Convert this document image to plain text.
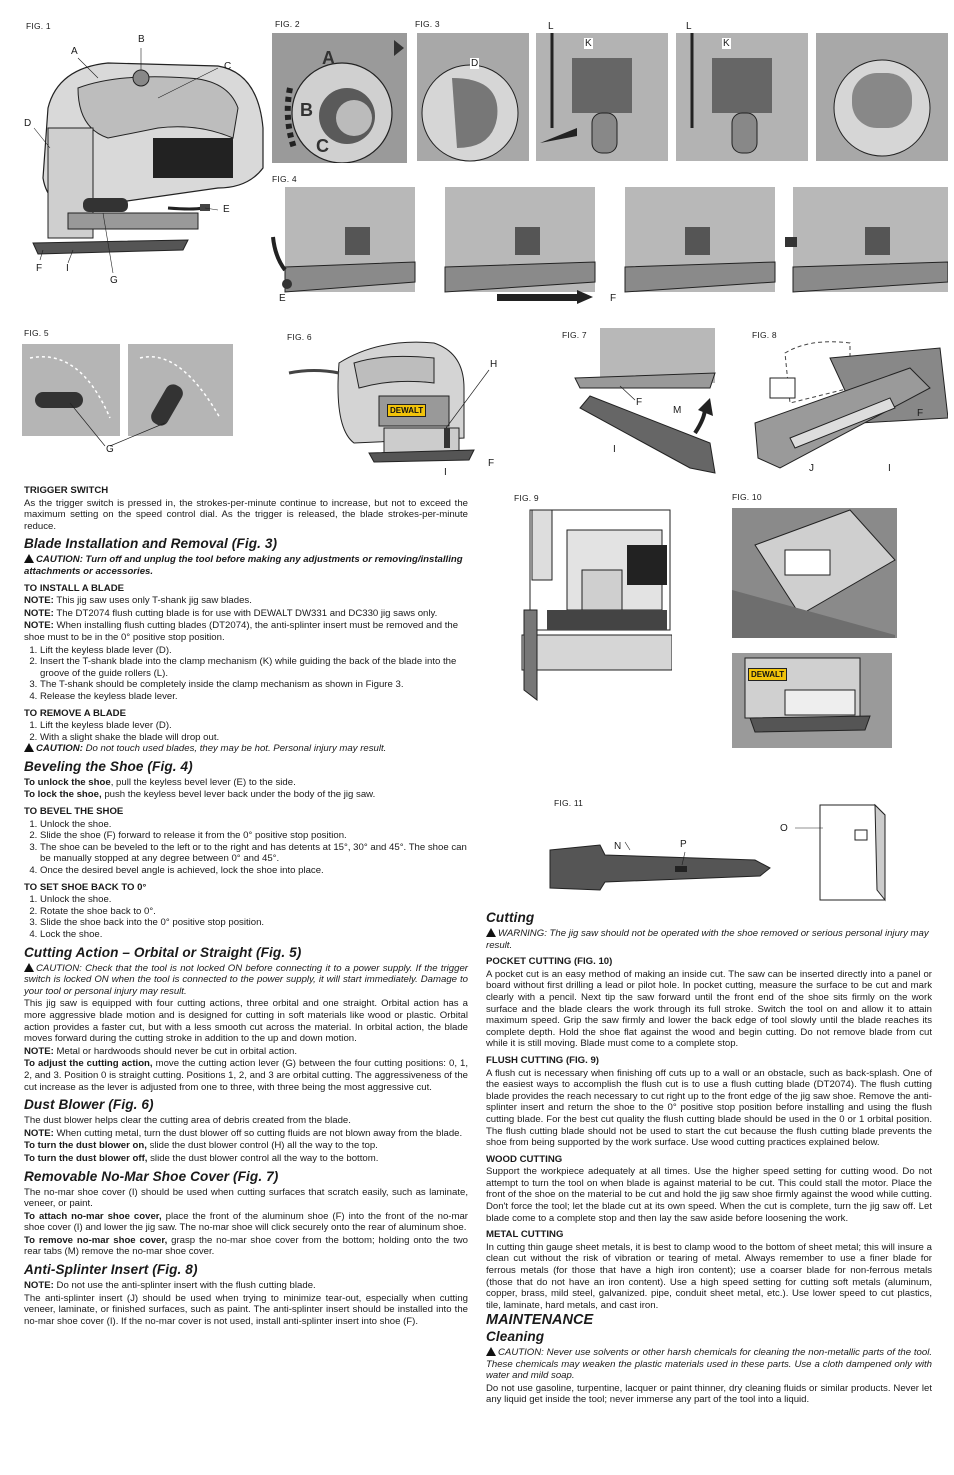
FIG. 1
A
B
C
D
E
F I
G
FIG. 2
A
B
C
FIG. 3
D
L
K
L
K
FIG. 4
E	F
FIG. 5
G
FIG. 6
DEWALT
H
F
I
FIG. 7
F
M
I
FIG. 8
F
J	I
FIG. 9	FIG. 10
DEWALT
FIG. 11
N	P
O
TRIGGER SWITCH

As the trigger switch is pressed in, the strokes-per-minute continue to increase, but not to exceed the maximum setting on the speed control dial. As the trigger is released, the blade strokes-per-minute reduce.

Blade Installation and Removal (Fig. 3)

CAUTION: Turn off and unplug the tool before making any adjustments or removing/installing attachments or accessories.

TO INSTALL A BLADE

NOTE: This jig saw uses only T-shank jig saw blades.

NOTE: The DT2074 flush cutting blade is for use with DEWALT DW331 and DC330 jig saws only.

NOTE: When installing flush cutting blades (DT2074), the anti-splinter insert must be removed and the shoe must to be in the 0° positive stop position.

1. Lift the keyless blade lever (D).
2. Insert the T-shank blade into the clamp mechanism (K) while guiding the back of the blade into the groove of the guide rollers (L).
3. The T-shank should be completely inside the clamp mechanism as shown in Figure 3.
4. Release the keyless blade lever.
TO REMOVE A BLADE
1. Lift the keyless blade lever (D).
2. With a slight shake the blade will drop out.

CAUTION: Do not touch used blades, they may be hot. Personal injury may result.

Beveling the Shoe (Fig. 4)

To unlock the shoe, pull the keyless bevel lever (E) to the side.

To lock the shoe, push the keyless bevel lever back under the body of the jig saw.

TO BEVEL THE SHOE
1. Unlock the shoe.
2. Slide the shoe (F) forward to release it from the 0° positive stop position.
3. The shoe can be beveled to the left or to the right and has detents at 15°, 30° and 45°. The shoe can be manually stopped at any degree between 0° and 45°.
4. Once the desired bevel angle is achieved, lock the shoe into place.
TO SET SHOE BACK TO 0°
1. Unlock the shoe.
2. Rotate the shoe back to 0°.
3. Slide the shoe back into the 0° positive stop position.
4. Lock the shoe.
Cutting Action – Orbital or Straight (Fig. 5)

CAUTION: Check that the tool is not locked ON before connecting it to a power supply. If the trigger switch is locked ON when the tool is connected to the power supply, it will start immediately. Damage to your tool or personal injury may result.

This jig saw is equipped with four cutting actions, three orbital and one straight. Orbital action has a more aggressive blade motion and is designed for cutting in soft materials like wood or plastic. Orbital action provides a faster cut, but with a less smooth cut across the material. In orbital action, the blade moves forward during the cutting stroke in addition to the up and down motion.

NOTE: Metal or hardwoods should never be cut in orbital action.

To adjust the cutting action, move the cutting action lever (G) between the four cutting positions: 0, 1, 2, and 3. Position 0 is straight cutting. Positions 1, 2, and 3 are orbital cutting. The aggressiveness of the cut increase as the lever is adjusted from one to three, with three being the most aggressive cut.

Dust Blower (Fig. 6)

The dust blower helps clear the cutting area of debris created from the blade.

NOTE: When cutting metal, turn the dust blower off so cutting fluids are not blown away from the blade.

To turn the dust blower on, slide the dust blower control (H) all the way to the top.

To turn the dust blower off, slide the dust blower control all the way to the bottom.

Removable No-Mar Shoe Cover (Fig. 7)

The no-mar shoe cover (I) should be used when cutting surfaces that scratch easily, such as laminate, veneer, or paint.

To attach no-mar shoe cover, place the front of the aluminum shoe (F) into the front of the no-mar shoe cover (I) and lower the jig saw. The no-mar shoe will click securely onto the rear of aluminum shoe.

To remove no-mar shoe cover, grasp the no-mar shoe cover from the bottom; holding onto the two rear tabs (M) remove the no-mar shoe cover.

Anti-Splinter Insert (Fig. 8)

NOTE: Do not use the anti-splinter insert with the flush cutting blade.

The anti-splinter insert (J) should be used when trying to minimize tear-out, especially when cutting veneer, laminate, or finished surfaces, such as paint. The anti-splinter insert should be installed into the no-mar shoe cover (I). If the no-mar cover is not used, install anti-splinter insert into shoe (F).

Cutting

WARNING: The jig saw should not be operated with the shoe removed or serious personal injury may result.

POCKET CUTTING (FIG. 10)

A pocket cut is an easy method of making an inside cut. The saw can be inserted directly into a panel or board without first drilling a lead or pilot hole. In pocket cutting, measure the surface to be cut and mark clearly with a pencil. Next tip the saw forward until the front end of the shoe sits firmly on the work surface and the blade clears the work through its full stroke. Switch the tool on and allow it to attain maximum speed. Grip the saw firmly and lower the back edge of tool slowly until the blade reaches its complete depth. Hold the shoe flat against the wood and begin cutting. Do not remove blade from cut while it is still moving. Blade must come to a complete stop.

FLUSH CUTTING (FIG. 9)

A flush cut is necessary when finishing off cuts up to a wall or an obstacle, such as back-splash. One of the easiest ways to accomplish the flush cut is to use a flush cutting blade (DT2074). The flush cutting blade provides the reach necessary to cut right up to the front edge of the jig saw shoe. Remove the anti-splinter insert and return the shoe to the 0° positive stop position before installing and using the flush cutting blade. For the best cut quality the flush cutting blade should be used in the 0 or 1 orbital position. The flush cutting blade should not be used to start the cut because the flush cutting blade prevents the shoe from being supported by the work surface. Use wood cutting practices explained below.

WOOD CUTTING

Support the workpiece adequately at all times. Use the higher speed setting for cutting wood. Do not attempt to turn the tool on when blade is against material to be cut. This could stall the motor. Place the front of the shoe on the material to be cut and hold the jig saw shoe firmly against the wood while cutting. Don't force the tool; let the blade cut at its own speed. When the cut is complete, turn the jig saw off. Let blade come to a complete stop and then lay the saw aside before loosening the work.

METAL CUTTING

In cutting thin gauge sheet metals, it is best to clamp wood to the bottom of sheet metal; this will insure a clean cut without the risk of vibration or tearing of metal. Always remember to use a finer blade for ferrous metals (for those that have a high iron content); use a coarser blade for non-ferrous metals (those that do not have an iron content). Use a high speed setting for cutting soft metals (aluminum, copper, brass, mild steel, galvanized. pipe, conduit sheet metal, etc.). Use lower speed to cut plastics, tile, laminate, hard metals, and cast iron.

MAINTENANCE
Cleaning

CAUTION: Never use solvents or other harsh chemicals for cleaning the non-metallic parts of the tool. These chemicals may weaken the plastic materials used in these parts. Use a cloth dampened only with water and mild soap.

Do not use gasoline, turpentine, lacquer or paint thinner, dry cleaning fluids or similar products. Never let any liquid get inside the tool; never immerse any part of the tool into a liquid.
